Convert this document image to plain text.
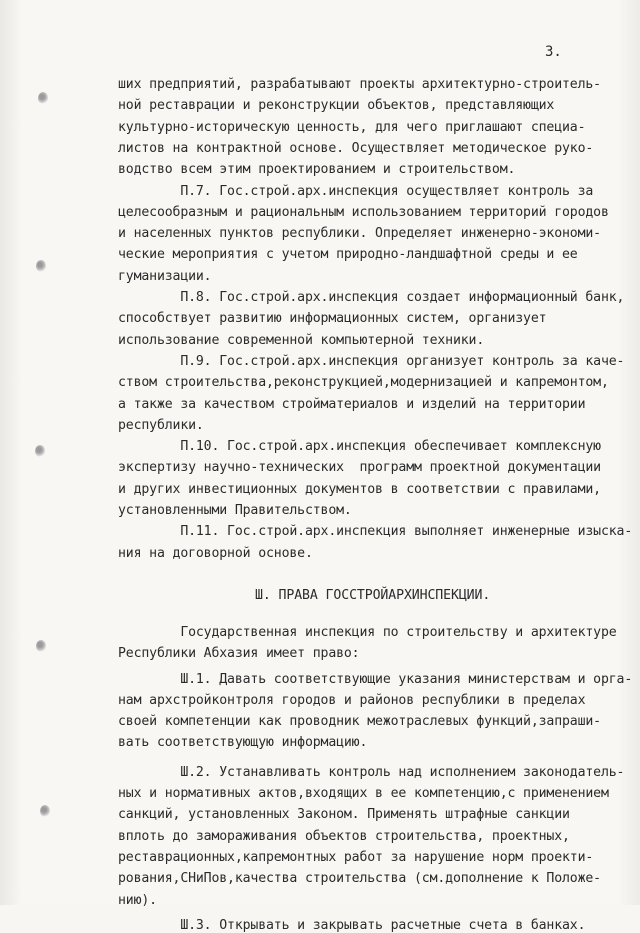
3.
ших предприятий, разрабатывают проекты архитектурно-строитель-
ной реставрации и реконструкции объектов, представляющих
культурно-историческую ценность, для чего приглашают специа-
листов на контрактной основе. Осуществляет методическое руко-
водство всем этим проектированием и строительством.
П.7. Гос.строй.арх.инспекция осуществляет контроль за
целесообразным и рациональным использованием территорий городов
и населенных пунктов республики. Определяет инженерно-экономи-
ческие мероприятия с учетом природно-ландшафтной среды и ее
гуманизации.
П.8. Гос.строй.арх.инспекция создает информационный банк,
способствует развитию информационных систем, организует
использование современной компьютерной техники.
П.9. Гос.строй.арх.инспекция организует контроль за каче-
ством строительства,реконструкцией,модернизацией и капремонтом,
а также за качеством стройматериалов и изделий на территории
республики.
П.10. Гос.строй.арх.инспекция обеспечивает комплексную
экспертизу научно-технических  программ проектной документации
и других инвестиционных документов в соответствии с правилами,
установленными Правительством.
П.11. Гос.строй.арх.инспекция выполняет инженерные изыска-
ния на договорной основе.
Ш. ПРАВА ГОССТРОЙАРХИНСПЕКЦИИ.
Государственная инспекция по строительству и архитектуре
Республики Абхазия имеет право:
Ш.1. Давать соответствующие указания министерствам и орга-
нам архстройконтроля городов и районов республики в пределах
своей компетенции как проводник межотраслевых функций,запраши-
вать соответствующую информацию.
Ш.2. Устанавливать контроль над исполнением законодатель-
ных и нормативных актов,входящих в ее компетенцию,с применением
санкций, установленных Законом. Применять штрафные санкции
вплоть до замораживания объектов строительства, проектных,
реставрационных,капремонтных работ за нарушение норм проекти-
рования,СНиПов,качества строительства (см.дополнение к Положе-
нию).
Ш.3. Открывать и закрывать расчетные счета в банках.
